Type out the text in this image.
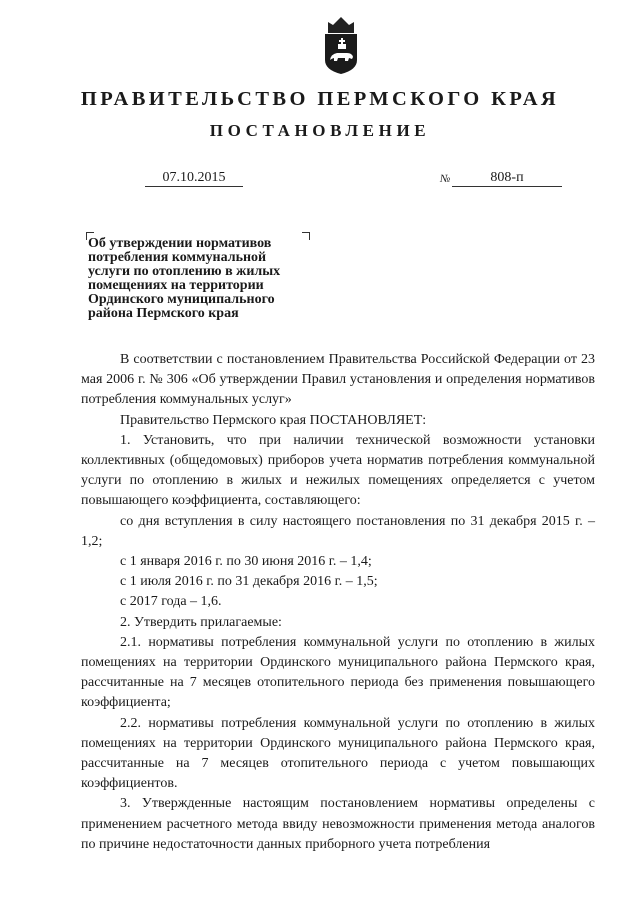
ПРАВИТЕЛЬСТВО ПЕРМСКОГО КРАЯ
ПОСТАНОВЛЕНИЕ
07.10.2015	№	808-п

Об утверждении нормативов потребления коммунальной услуги по отоплению в жилых помещениях на территории Ординского муниципального района Пермского края

В соответствии с постановлением Правительства Российской Федерации от 23 мая 2006 г. № 306 «Об утверждении Правил установления и определения нормативов потребления коммунальных услуг»

Правительство Пермского края ПОСТАНОВЛЯЕТ:

1. Установить, что при наличии технической возможности установки коллективных (общедомовых) приборов учета норматив потребления коммунальной услуги по отоплению в жилых и нежилых помещениях определяется с учетом повышающего коэффициента, составляющего:

со дня вступления в силу настоящего постановления по 31 декабря 2015 г. – 1,2;

с 1 января 2016 г. по 30 июня 2016 г. – 1,4;

с 1 июля 2016 г. по 31 декабря 2016 г. – 1,5;

с 2017 года – 1,6.

2. Утвердить прилагаемые:

2.1. нормативы потребления коммунальной услуги по отоплению в жилых помещениях на территории Ординского муниципального района Пермского края, рассчитанные на 7 месяцев отопительного периода без применения повышающего коэффициента;

2.2. нормативы потребления коммунальной услуги по отоплению в жилых помещениях на территории Ординского муниципального района Пермского края, рассчитанные на 7 месяцев отопительного периода с учетом повышающих коэффициентов.

3. Утвержденные настоящим постановлением нормативы определены с применением расчетного метода ввиду невозможности применения метода аналогов по причине недостаточности данных приборного учета потребления
